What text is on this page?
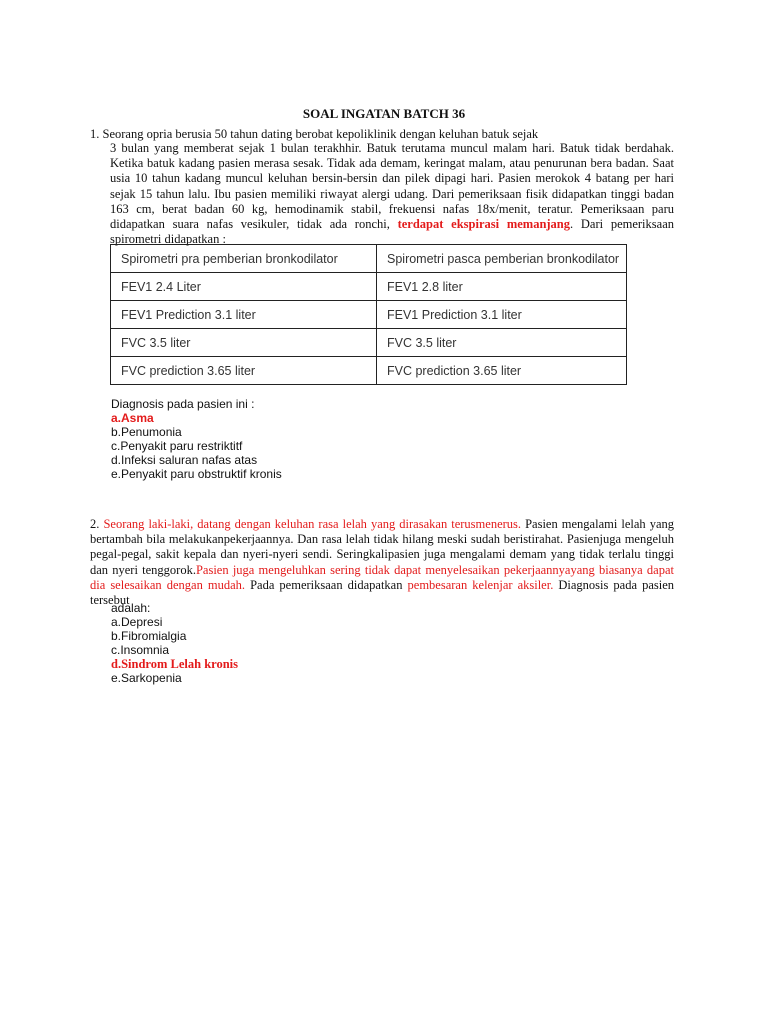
SOAL INGATAN BATCH 36
1. Seorang opria berusia 50 tahun dating berobat kepoliklinik dengan keluhan batuk sejak
3 bulan yang memberat sejak 1 bulan terakhhir. Batuk terutama muncul malam hari. Batuk tidak berdahak. Ketika batuk kadang pasien merasa sesak. Tidak ada demam, keringat malam, atau penurunan bera badan. Saat usia 10 tahun kadang muncul keluhan bersin-bersin dan pilek dipagi hari. Pasien merokok 4 batang per hari sejak 15 tahun lalu. Ibu pasien memiliki riwayat alergi udang. Dari pemeriksaan fisik didapatkan tinggi badan 163 cm, berat badan 60 kg, hemodinamik stabil, frekuensi nafas 18x/menit, teratur. Pemeriksaan paru didapatkan suara nafas vesikuler, tidak ada ronchi, terdapat ekspirasi memanjang. Dari pemeriksaan spirometri didapatkan :
Spirometri pra pemberian bronkodilator	Spirometri pasca pemberian bronkodilator
FEV1 2.4 Liter	FEV1 2.8 liter
FEV1 Prediction 3.1 liter	FEV1 Prediction 3.1 liter
FVC 3.5 liter	FVC 3.5 liter
FVC prediction 3.65 liter	FVC prediction 3.65 liter
Diagnosis pada pasien ini :
a.Asma
b.Penumonia
c.Penyakit paru restriktitf
d.Infeksi saluran nafas atas
e.Penyakit paru obstruktif kronis
2. Seorang laki-laki, datang dengan keluhan rasa lelah yang dirasakan terusmenerus. Pasien mengalami lelah yang bertambah bila melakukanpekerjaannya. Dan rasa lelah tidak hilang meski sudah beristirahat. Pasienjuga mengeluh pegal-pegal, sakit kepala dan nyeri-nyeri sendi. Seringkalipasien juga mengalami demam yang tidak terlalu tinggi dan nyeri tenggorok.Pasien juga mengeluhkan sering tidak dapat menyelesaikan pekerjaannyayang biasanya dapat dia selesaikan dengan mudah. Pada pemeriksaan didapatkan pembesaran kelenjar aksiler. Diagnosis pada pasien tersebut
adalah:
a.Depresi
b.Fibromialgia
c.Insomnia
d.Sindrom Lelah kronis
e.Sarkopenia
